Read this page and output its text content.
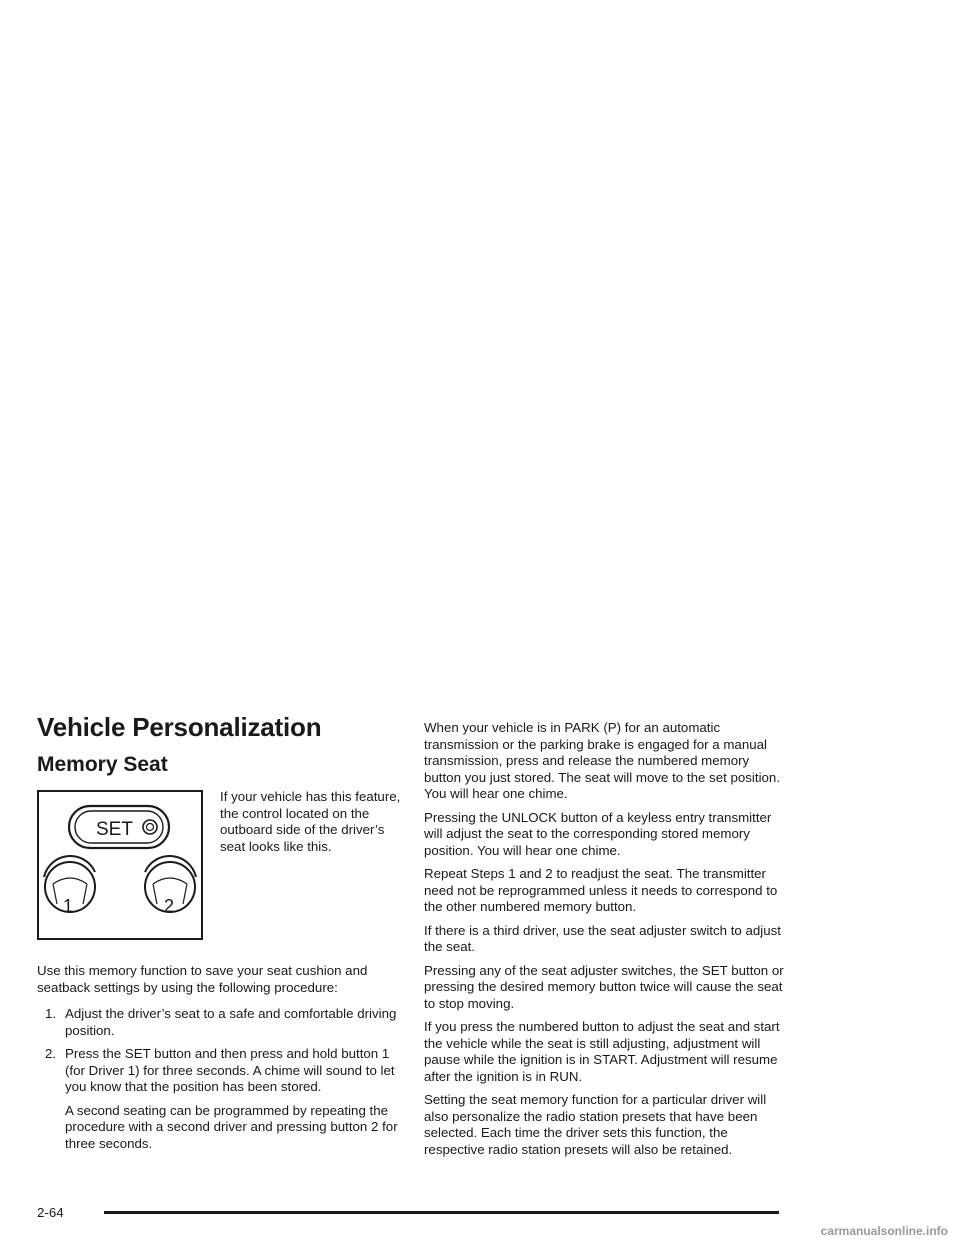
Vehicle Personalization
Memory Seat
SET
1	2
If your vehicle has this feature, the control located on the outboard side of the driver’s seat looks like this.
Use this memory function to save your seat cushion and seatback settings by using the following procedure:
1. Adjust the driver’s seat to a safe and comfortable driving position.
2. Press the SET button and then press and hold button 1 (for Driver 1) for three seconds. A chime will sound to let you know that the position has been stored.
A second seating can be programmed by repeating the procedure with a second driver and pressing button 2 for three seconds.

When your vehicle is in PARK (P) for an automatic transmission or the parking brake is engaged for a manual transmission, press and release the numbered memory button you just stored. The seat will move to the set position. You will hear one chime.

Pressing the UNLOCK button of a keyless entry transmitter will adjust the seat to the corresponding stored memory position. You will hear one chime.

Repeat Steps 1 and 2 to readjust the seat. The transmitter need not be reprogrammed unless it needs to correspond to the other numbered memory button.

If there is a third driver, use the seat adjuster switch to adjust the seat.

Pressing any of the seat adjuster switches, the SET button or pressing the desired memory button twice will cause the seat to stop moving.

If you press the numbered button to adjust the seat and start the vehicle while the seat is still adjusting, adjustment will pause while the ignition is in START. Adjustment will resume after the ignition is in RUN.

Setting the seat memory function for a particular driver will also personalize the radio station presets that have been selected. Each time the driver sets this function, the respective radio station presets will also be retained.

2-64
carmanualsonline.info
